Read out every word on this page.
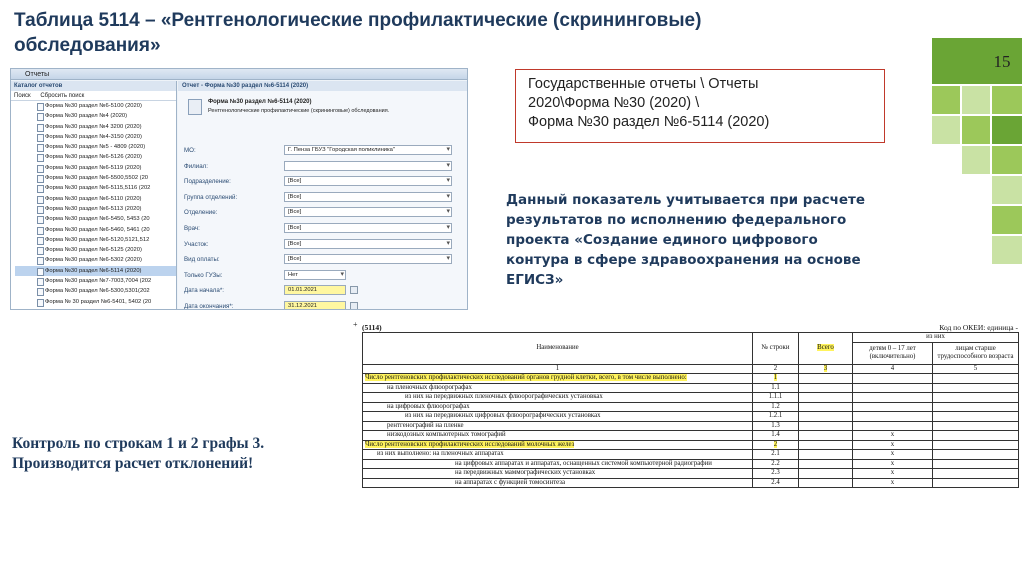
Таблица 5114 – «Рентгенологические профилактические (скрининговые) обследования»
15
Отчеты
Каталог отчетов
Поиск Сбросить поиск
Форма №30 раздел №6-5100 (2020)
Форма №30 раздел №4 (2020)
Форма №30 раздел №4 3200 (2020)
Форма №30 раздел №4-3150 (2020)
Форма №30 раздел №5 - 4809 (2020)
Форма №30 раздел №6-5126 (2020)
Форма №30 раздел №6-5119 (2020)
Форма №30 раздел №6-5500,5502 (20
Форма №30 раздел №6-5115,5116 (202
Форма №30 раздел №6-5110 (2020)
Форма №30 раздел №6-5113 (2020)
Форма №30 раздел №6-5450, 5453 (20
Форма №30 раздел №6-5460, 5461 (20
Форма №30 раздел №6-5120,5121,512
Форма №30 раздел №6-5125 (2020)
Форма №30 раздел №6-5302 (2020)
Форма №30 раздел №6-5114 (2020)
Форма №30 раздел №7-7003,7004 (202
Форма №30 раздел №6-5300,5301(202
Форма № 30 раздел №6-5401, 5402 (20
Отчет - Форма №30 раздел №6-5114 (2020)
Форма №30 раздел №6-5114 (2020)
Рентгенологические профилактические (скрининговые) обследования.
МО:	Г. Пенза ГБУЗ "Городская поликлиника" ▾
Филиал:
▾
Подразделение:	[Все] ▾
Группа отделений:	[Все] ▾
Отделение:	[Все] ▾
Врач:	[Все] ▾
Участок:	[Все] ▾
Вид оплаты:	[Все] ▾
Только ГУЗы:	Нет ▾
Дата начала*:	01.01.2021
Дата окончания*:	31.12.2021
Государственные отчеты \ Отчеты
2020\Форма №30 (2020) \
Форма №30 раздел №6-5114 (2020)
Данный показатель учитывается при расчете результатов по исполнению федерального проекта «Создание единого цифрового контура в сфере здравоохранения на основе ЕГИСЗ»
Контроль по строкам 1 и 2 графы 3.
Производится расчет отклонений!
+ (5114)	Код по ОКЕИ: единица -
Наименование	№ строки	Всего	из них	
			детям 0 – 17 лет (включительно)	лицам старше трудоспособного возраста
1	2	3	4	5
Число рентгеновских профилактических исследований органов грудной клетки, всего, в том числе выполнено:	1			
на пленочных флюорографах	1.1			
из них на передвижных пленочных флюорографических установках	1.1.1			
на цифровых флюорографах	1.2			
из них на передвижных цифровых флюорографических установках	1.2.1			
рентгенографий на пленке	1.3			
низкодозных компьютерных томографий	1.4		x	
Число рентгеновских профилактических исследований молочных желез	2		x	
из них выполнено: на пленочных аппаратах	2.1		x	
на цифровых аппаратах и аппаратах, оснащенных системой компьютерной радиографии	2.2		x	
на передвижных маммографических установках	2.3		x	
на аппаратах с функцией томосинтеза	2.4		x	
